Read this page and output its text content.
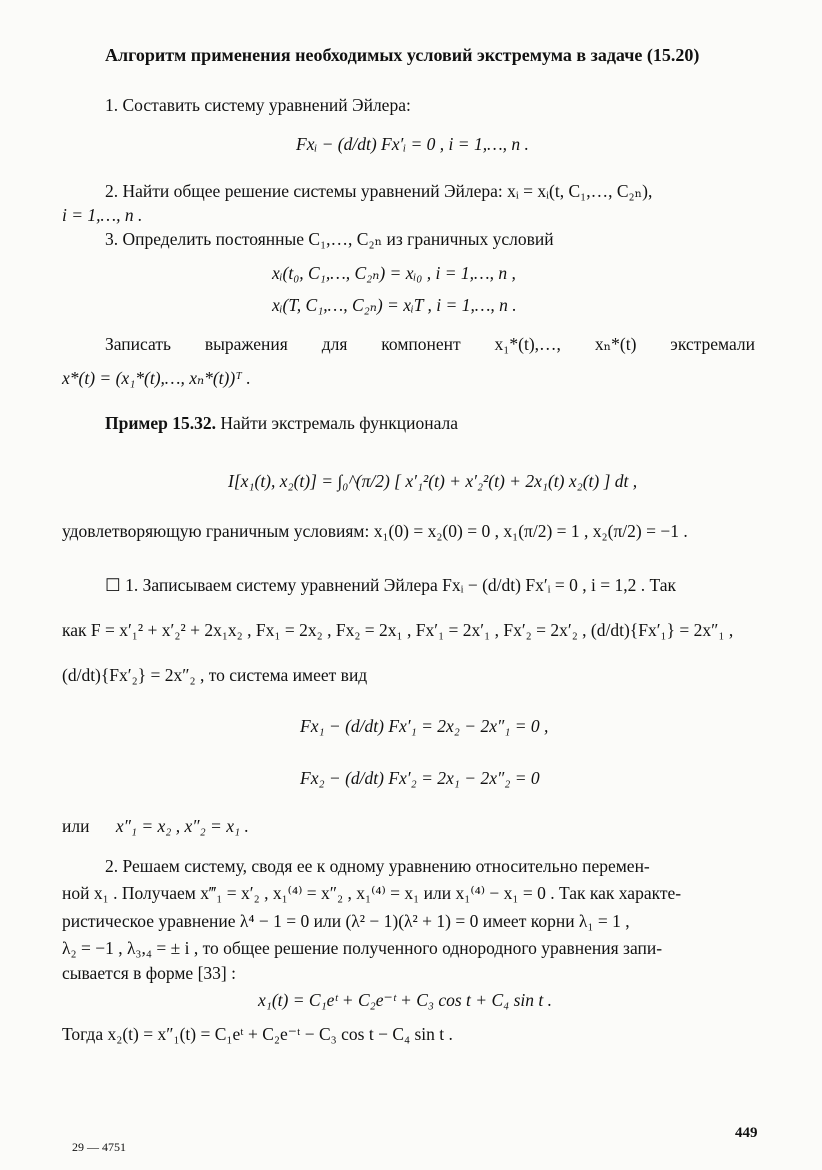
Алгоритм применения необходимых условий экстремума в задаче (15.20)
1. Составить систему уравнений Эйлера:
Fxᵢ − (d/dt) Fx′ᵢ = 0 , i = 1,…, n .
2. Найти общее решение системы уравнений Эйлера: xᵢ = xᵢ(t, C₁,…, C₂ₙ),
i = 1,…, n .
3. Определить постоянные C₁,…, C₂ₙ из граничных условий
xᵢ(t₀, C₁,…, C₂ₙ) = xᵢ₀ , i = 1,…, n ,
xᵢ(T, C₁,…, C₂ₙ) = xᵢT , i = 1,…, n .
Записать выражения для компонент x₁*(t),…, xₙ*(t) экстремали
x*(t) = (x₁*(t),…, xₙ*(t))ᵀ .
Пример 15.32. Найти экстремаль функционала
I[x₁(t), x₂(t)] = ∫₀^(π/2) [ x′₁²(t) + x′₂²(t) + 2x₁(t) x₂(t) ] dt ,
удовлетворяющую граничным условиям: x₁(0) = x₂(0) = 0 , x₁(π/2) = 1 , x₂(π/2) = −1 .
☐ 1. Записываем систему уравнений Эйлера Fxᵢ − (d/dt) Fx′ᵢ = 0 , i = 1,2 . Так
как F = x′₁² + x′₂² + 2x₁x₂ , Fx₁ = 2x₂ , Fx₂ = 2x₁ , Fx′₁ = 2x′₁ , Fx′₂ = 2x′₂ , (d/dt){Fx′₁} = 2x″₁ ,
(d/dt){Fx′₂} = 2x″₂ , то система имеет вид
Fx₁ − (d/dt) Fx′₁ = 2x₂ − 2x″₁ = 0 ,
Fx₂ − (d/dt) Fx′₂ = 2x₁ − 2x″₂ = 0
или x″₁ = x₂ , x″₂ = x₁ .
2. Решаем систему, сводя ее к одному уравнению относительно перемен-
ной x₁ . Получаем x‴₁ = x′₂ , x₁⁽⁴⁾ = x″₂ , x₁⁽⁴⁾ = x₁ или x₁⁽⁴⁾ − x₁ = 0 . Так как характе-
ристическое уравнение λ⁴ − 1 = 0 или (λ² − 1)(λ² + 1) = 0 имеет корни λ₁ = 1 ,
λ₂ = −1 , λ₃,₄ = ± i , то общее решение полученного однородного уравнения запи-
сывается в форме [33] :
x₁(t) = C₁eᵗ + C₂e⁻ᵗ + C₃ cos t + C₄ sin t .
Тогда x₂(t) = x″₁(t) = C₁eᵗ + C₂e⁻ᵗ − C₃ cos t − C₄ sin t .
29 — 4751
449
